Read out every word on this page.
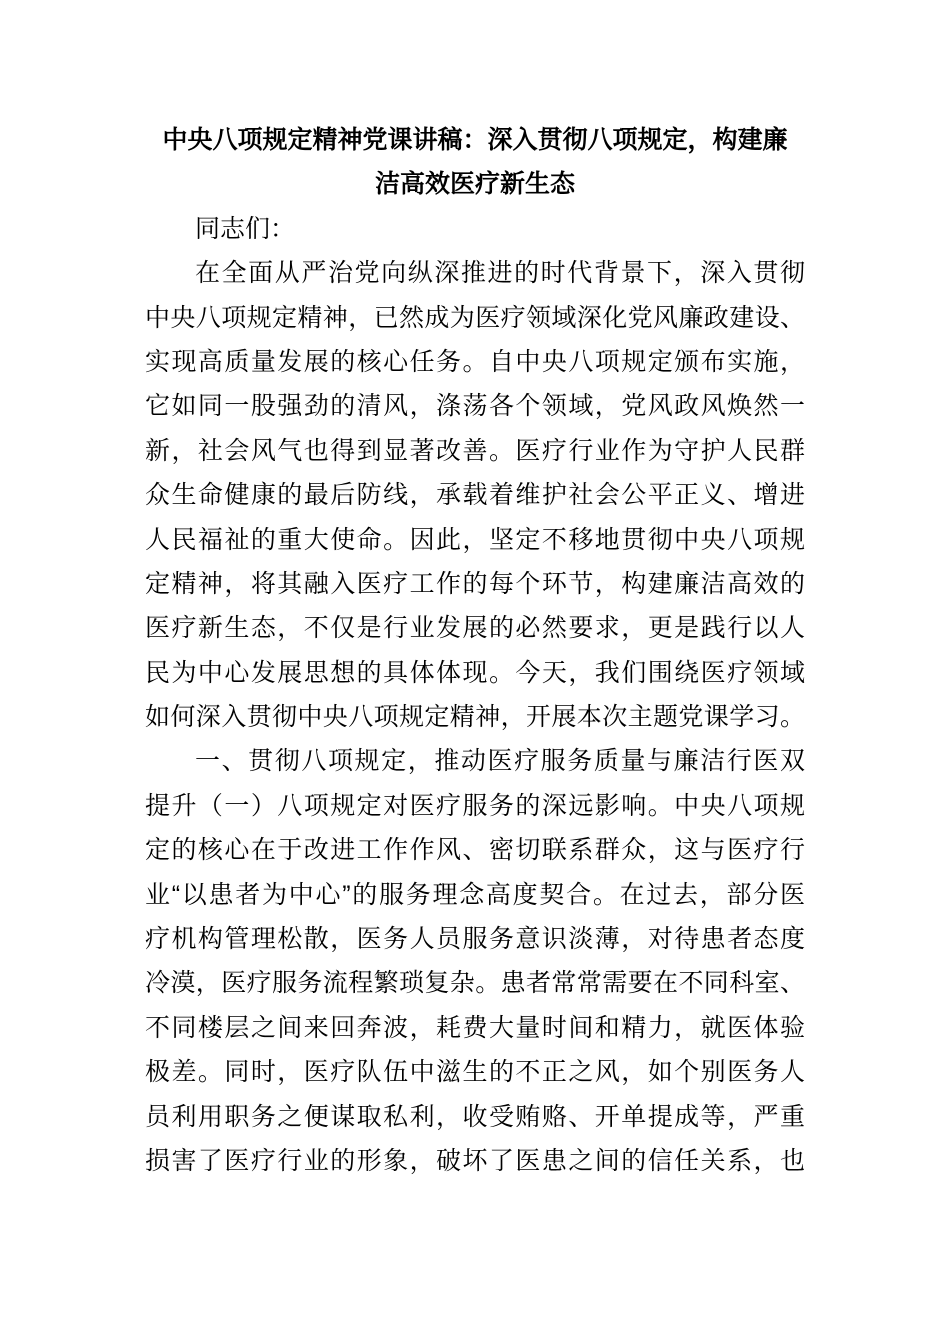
中央八项规定精神党课讲稿：深入贯彻八项规定，构建廉
洁高效医疗新生态
同志们：
在全面从严治党向纵深推进的时代背景下，深入贯彻
中央八项规定精神，已然成为医疗领域深化党风廉政建设、
实现高质量发展的核心任务。自中央八项规定颁布实施，
它如同一股强劲的清风，涤荡各个领域，党风政风焕然一
新，社会风气也得到显著改善。医疗行业作为守护人民群
众生命健康的最后防线，承载着维护社会公平正义、增进
人民福祉的重大使命。因此，坚定不移地贯彻中央八项规
定精神，将其融入医疗工作的每个环节，构建廉洁高效的
医疗新生态，不仅是行业发展的必然要求，更是践行以人
民为中心发展思想的具体体现。今天，我们围绕医疗领域
如何深入贯彻中央八项规定精神，开展本次主题党课学习。
一、贯彻八项规定，推动医疗服务质量与廉洁行医双
提升（一）八项规定对医疗服务的深远影响。中央八项规
定的核心在于改进工作作风、密切联系群众，这与医疗行
业“以患者为中心”的服务理念高度契合。在过去，部分医
疗机构管理松散，医务人员服务意识淡薄，对待患者态度
冷漠，医疗服务流程繁琐复杂。患者常常需要在不同科室、
不同楼层之间来回奔波，耗费大量时间和精力，就医体验
极差。同时，医疗队伍中滋生的不正之风，如个别医务人
员利用职务之便谋取私利，收受贿赂、开单提成等，严重
损害了医疗行业的形象，破坏了医患之间的信任关系，也
